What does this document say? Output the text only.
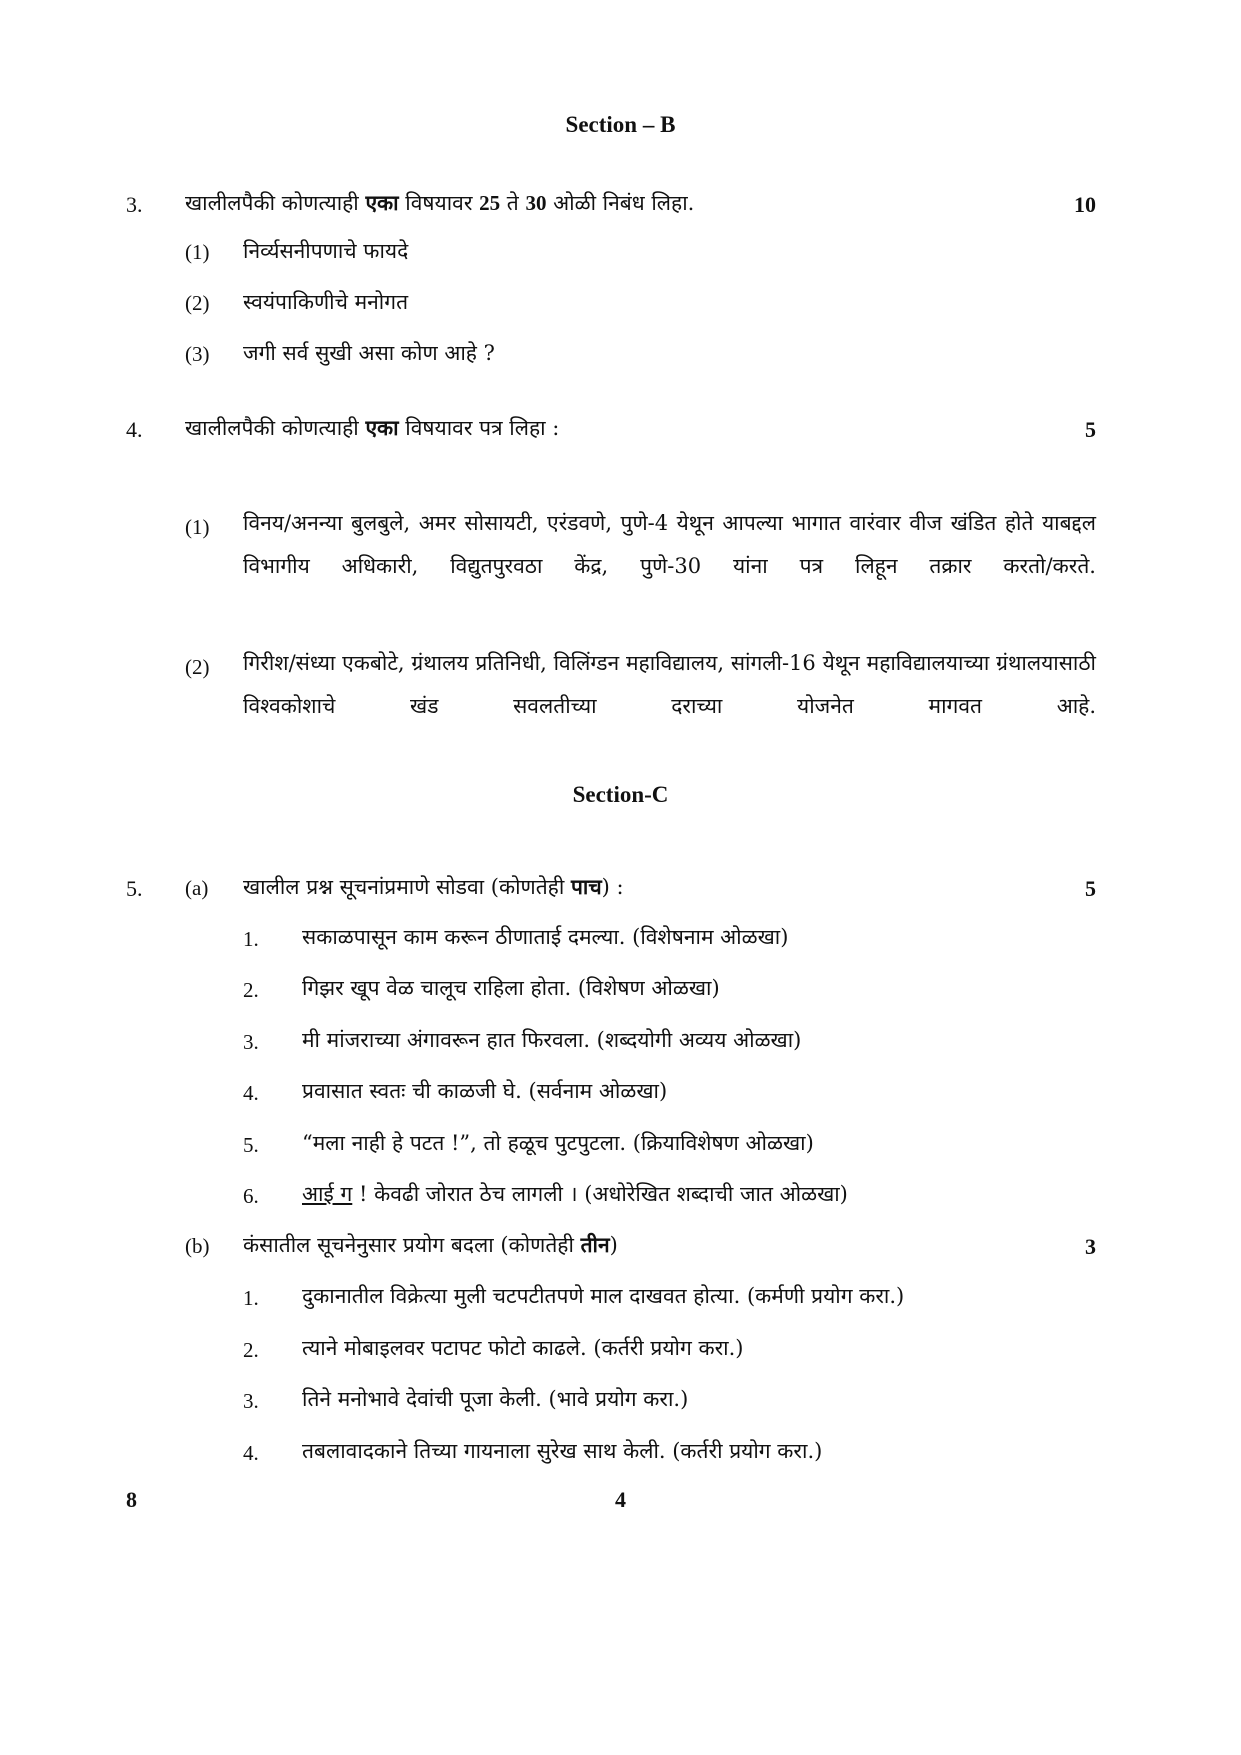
Section – B
3. खालीलपैकी कोणत्याही एका विषयावर 25 ते 30 ओळी निबंध लिहा.	10
(1) निर्व्यसनीपणाचे फायदे
(2) स्वयंपाकिणीचे मनोगत
(3) जगी सर्व सुखी असा कोण आहे ?
4. खालीलपैकी कोणत्याही एका विषयावर पत्र लिहा :	5
(1) विनय/अनन्या बुलबुले, अमर सोसायटी, एरंडवणे, पुणे-4 येथून आपल्या भागात वारंवार वीज खंडित होते याबद्दल विभागीय अधिकारी, विद्युतपुरवठा केंद्र, पुणे-30 यांना पत्र लिहून तक्रार करतो/करते.
(2) गिरीश/संध्या एकबोटे, ग्रंथालय प्रतिनिधी, विलिंग्डन महाविद्यालय, सांगली-16 येथून महाविद्यालयाच्या ग्रंथालयासाठी विश्वकोशाचे खंड सवलतीच्या दराच्या योजनेत मागवत आहे.
Section-C
5. (a) खालील प्रश्न सूचनांप्रमाणे सोडवा (कोणतेही पाच) :	5
1. सकाळपासून काम करून ठीणाताई दमल्या. (विशेषनाम ओळखा)
2. गिझर खूप वेळ चालूच राहिला होता. (विशेषण ओळखा)
3. मी मांजराच्या अंगावरून हात फिरवला. (शब्दयोगी अव्यय ओळखा)
4. प्रवासात स्वतः ची काळजी घे. (सर्वनाम ओळखा)
5. “मला नाही हे पटत !”, तो हळूच पुटपुटला. (क्रियाविशेषण ओळखा)
6. आई ग ! केवढी जोरात ठेच लागली । (अधोरेखित शब्दाची जात ओळखा)
(b) कंसातील सूचनेनुसार प्रयोग बदला (कोणतेही तीन)	3
1. दुकानातील विक्रेत्या मुली चटपटीतपणे माल दाखवत होत्या. (कर्मणी प्रयोग करा.)
2. त्याने मोबाइलवर पटापट फोटो काढले. (कर्तरी प्रयोग करा.)
3. तिने मनोभावे देवांची पूजा केली. (भावे प्रयोग करा.)
4. तबलावादकाने तिच्या गायनाला सुरेख साथ केली. (कर्तरी प्रयोग करा.)
8	4
